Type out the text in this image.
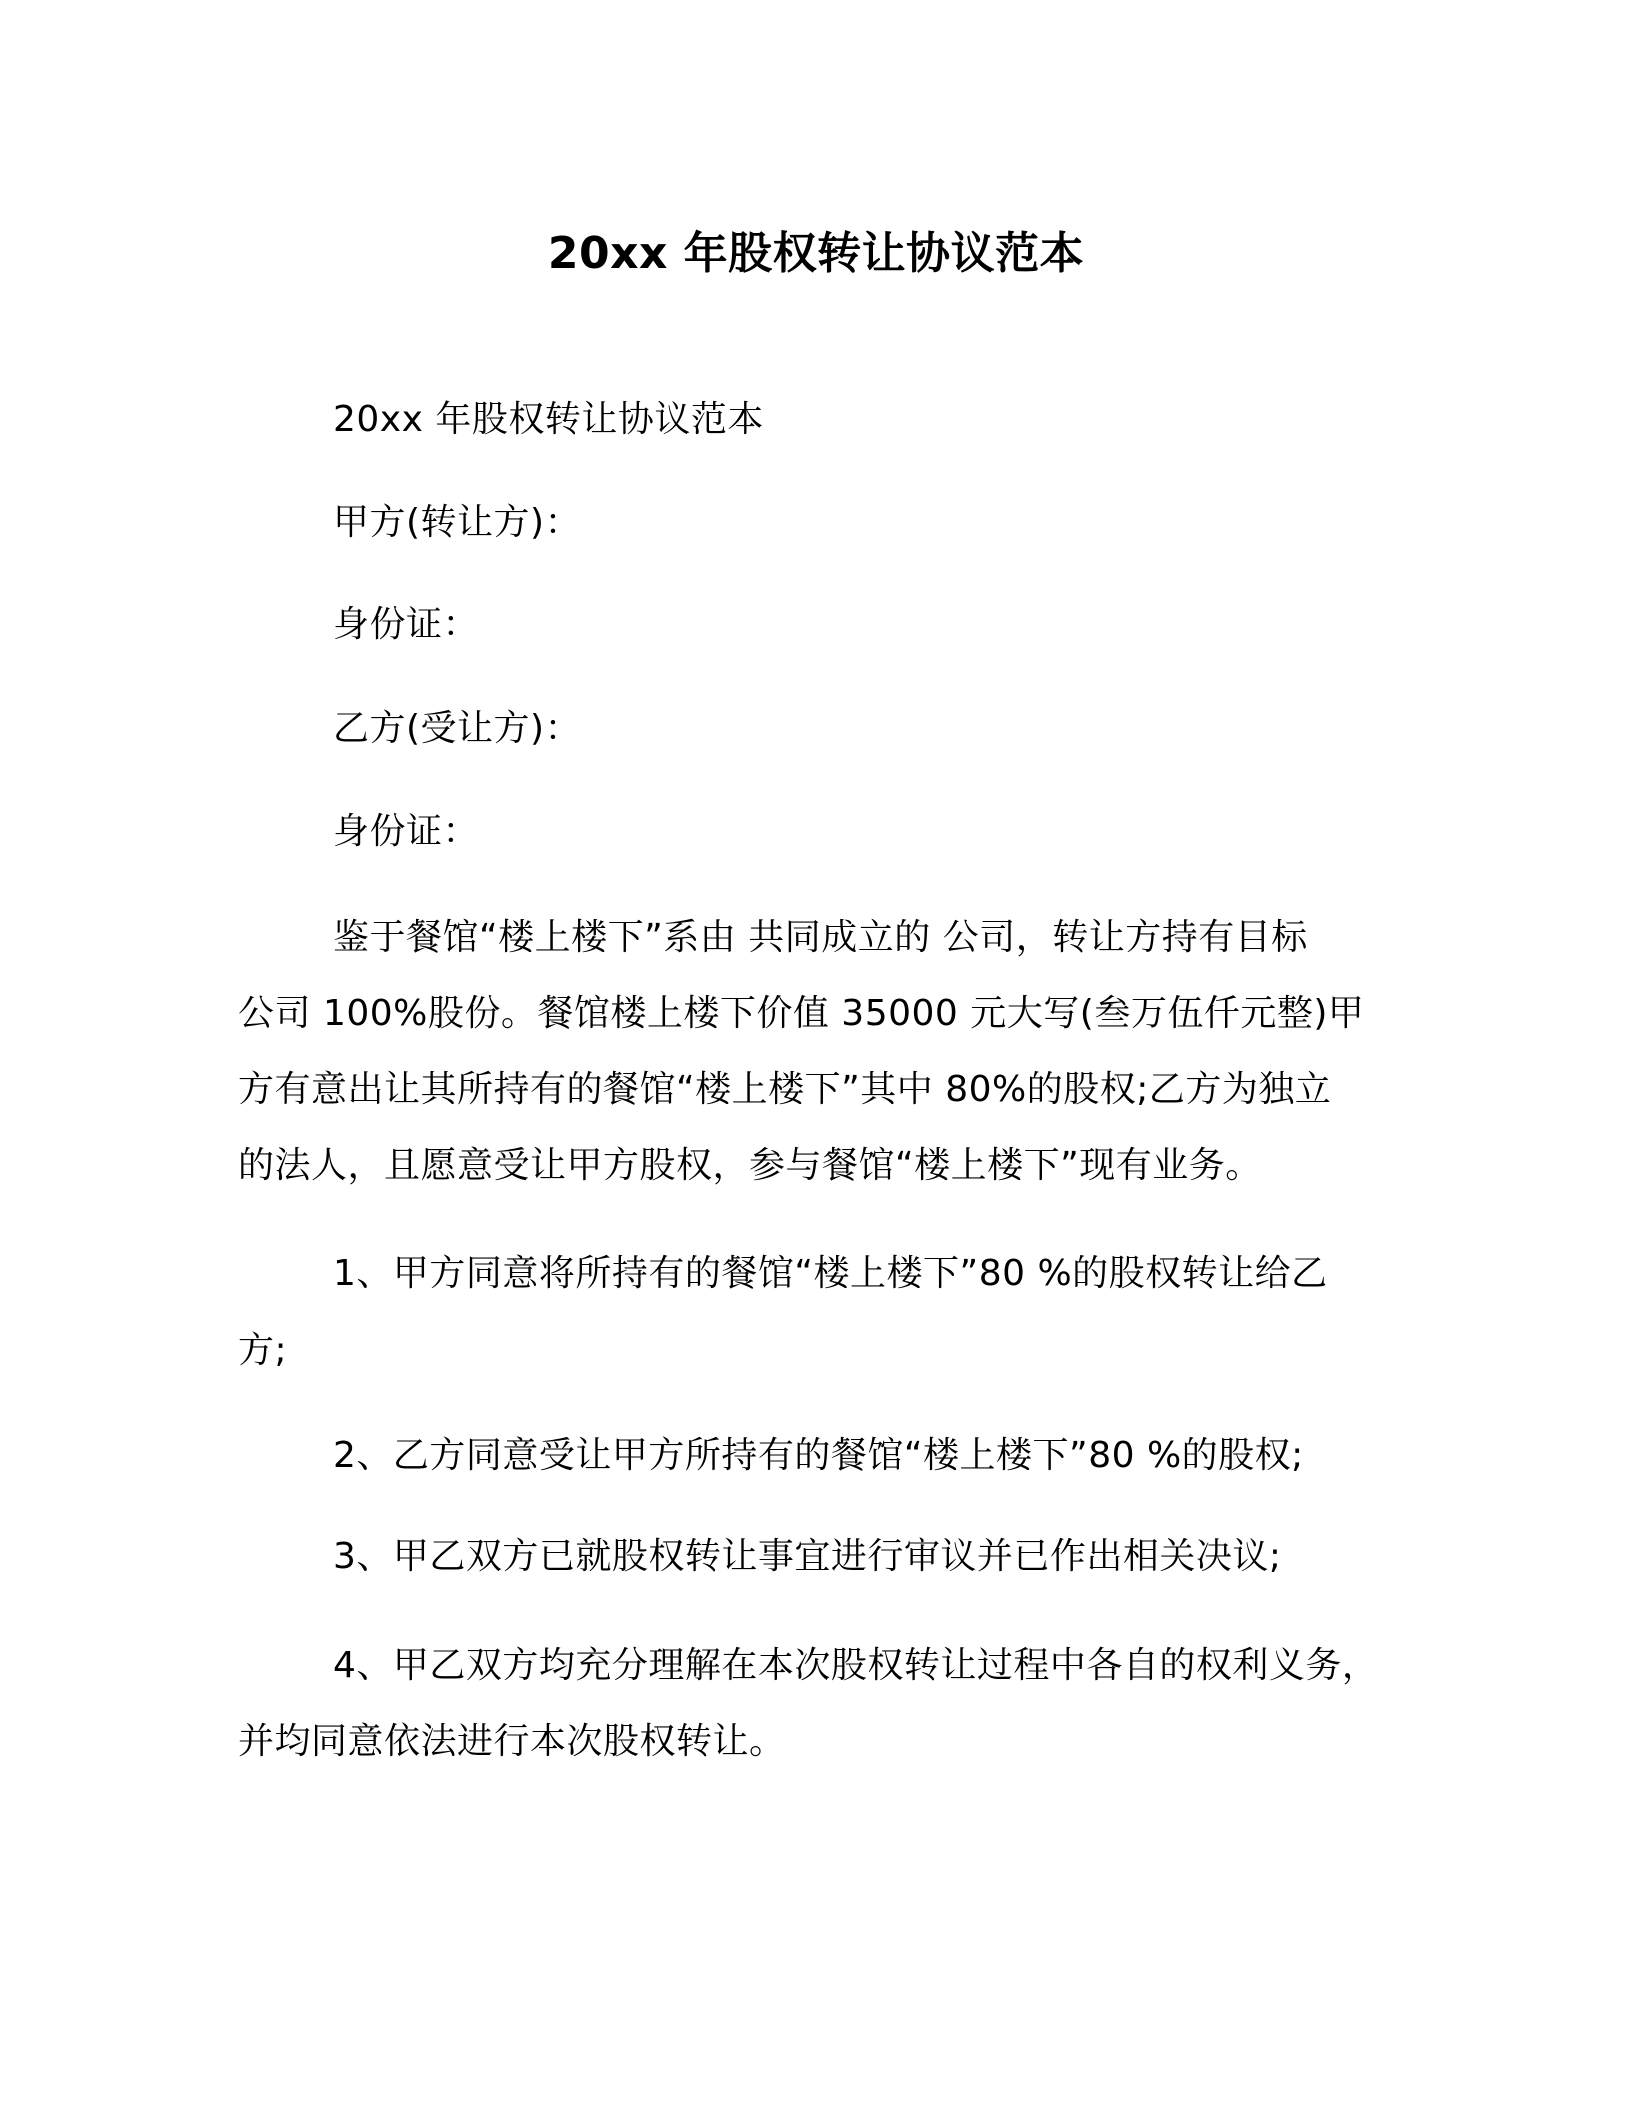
20xx 年股权转让协议范本
20xx 年股权转让协议范本
甲方(转让方)：
身份证：
乙方(受让方)：
身份证：
鉴于餐馆“楼上楼下”系由 共同成立的 公司，转让方持有目标
公司 100%股份。餐馆楼上楼下价值 35000 元大写(叁万伍仟元整)甲
方有意出让其所持有的餐馆“楼上楼下”其中 80%的股权;乙方为独立
的法人，且愿意受让甲方股权，参与餐馆“楼上楼下”现有业务。
1、甲方同意将所持有的餐馆“楼上楼下”80 %的股权转让给乙
方;
2、乙方同意受让甲方所持有的餐馆“楼上楼下”80 %的股权;
3、甲乙双方已就股权转让事宜进行审议并已作出相关决议;
4、甲乙双方均充分理解在本次股权转让过程中各自的权利义务，
并均同意依法进行本次股权转让。
